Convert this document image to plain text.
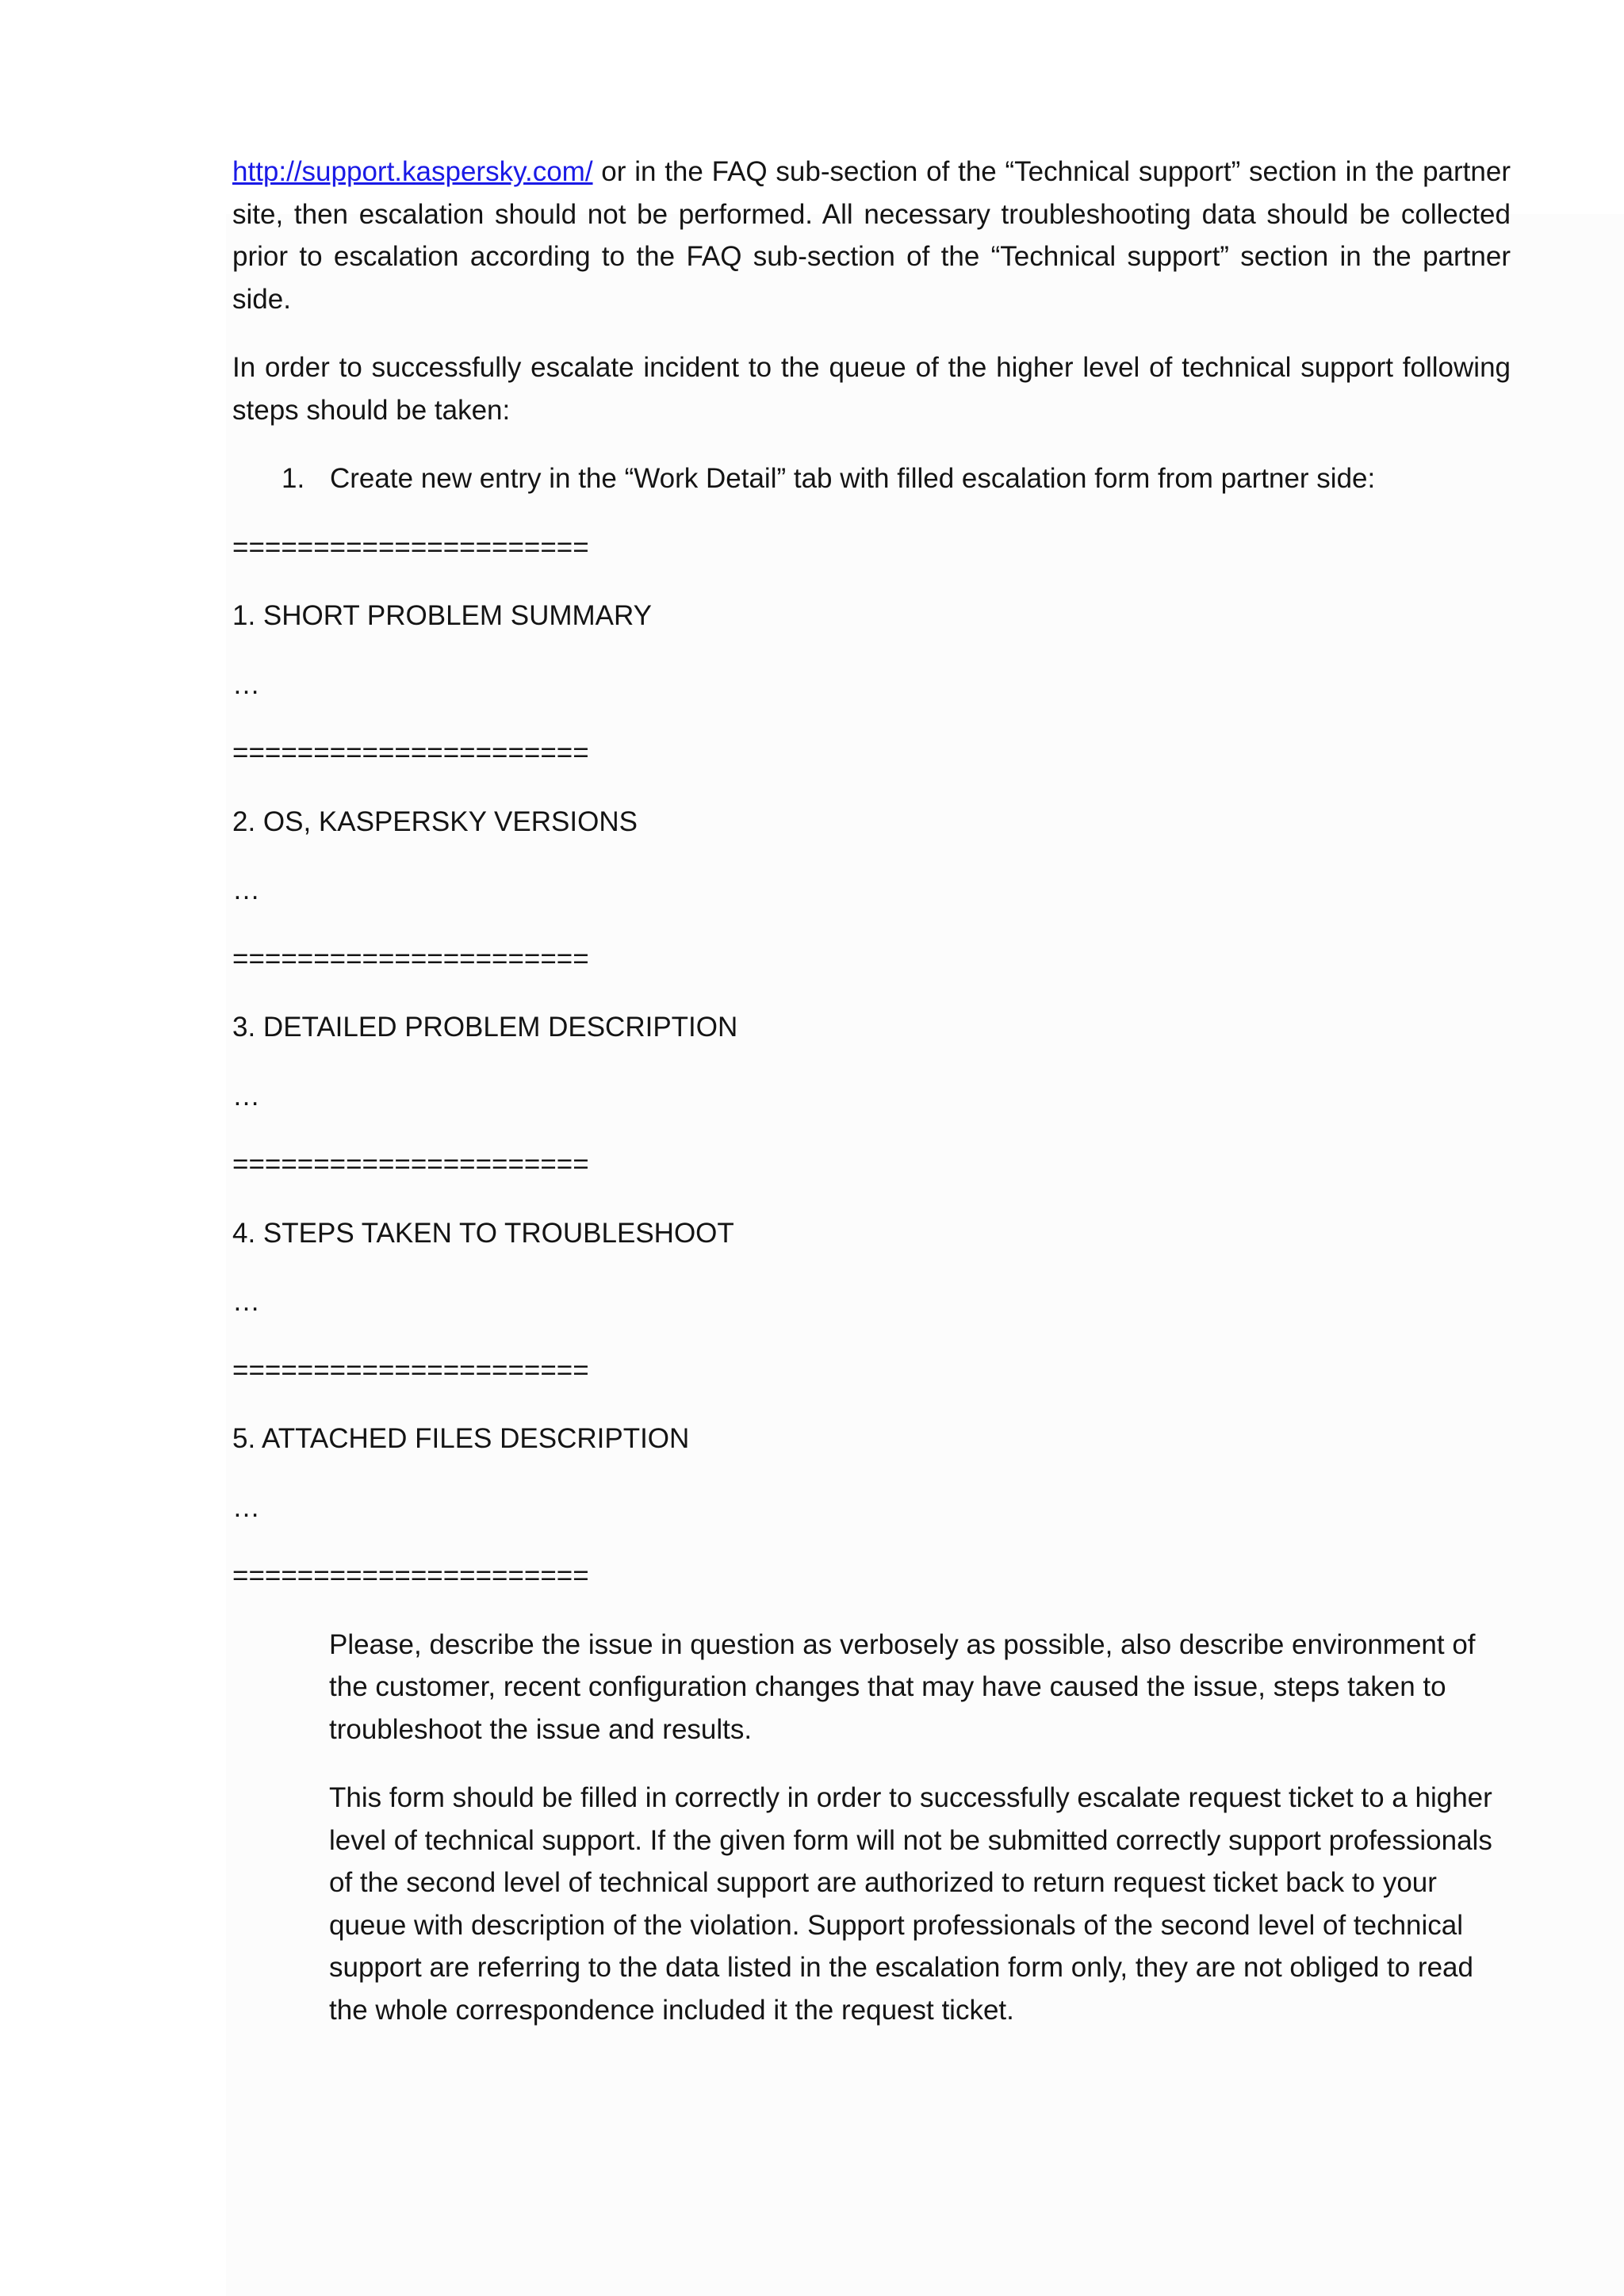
http://support.kaspersky.com/ or in the FAQ sub-section of the “Technical support” section in the partner site, then escalation should not be performed. All necessary troubleshooting data should be collected prior to escalation according to the FAQ sub-section of the “Technical support” section in the partner side.

In order to successfully escalate incident to the queue of the higher level of technical support following steps should be taken:

1. Create new entry in the “Work Detail” tab with filled escalation form from partner side:
======================
1. SHORT PROBLEM SUMMARY
…
======================
2. OS, KASPERSKY VERSIONS
…
======================
3. DETAILED PROBLEM DESCRIPTION
…
======================
4. STEPS TAKEN TO TROUBLESHOOT
…
======================
5. ATTACHED FILES DESCRIPTION
…
======================

Please, describe the issue in question as verbosely as possible, also describe environment of the customer, recent configuration changes that may have caused the issue, steps taken to troubleshoot the issue and results.

This form should be filled in correctly in order to successfully escalate request ticket to a higher level of technical support. If the given form will not be submitted correctly support professionals of the second level of technical support are authorized to return request ticket back to your queue with description of the violation. Support professionals of the second level of technical support are referring to the data listed in the escalation form only, they are not obliged to read the whole correspondence included it the request ticket.
